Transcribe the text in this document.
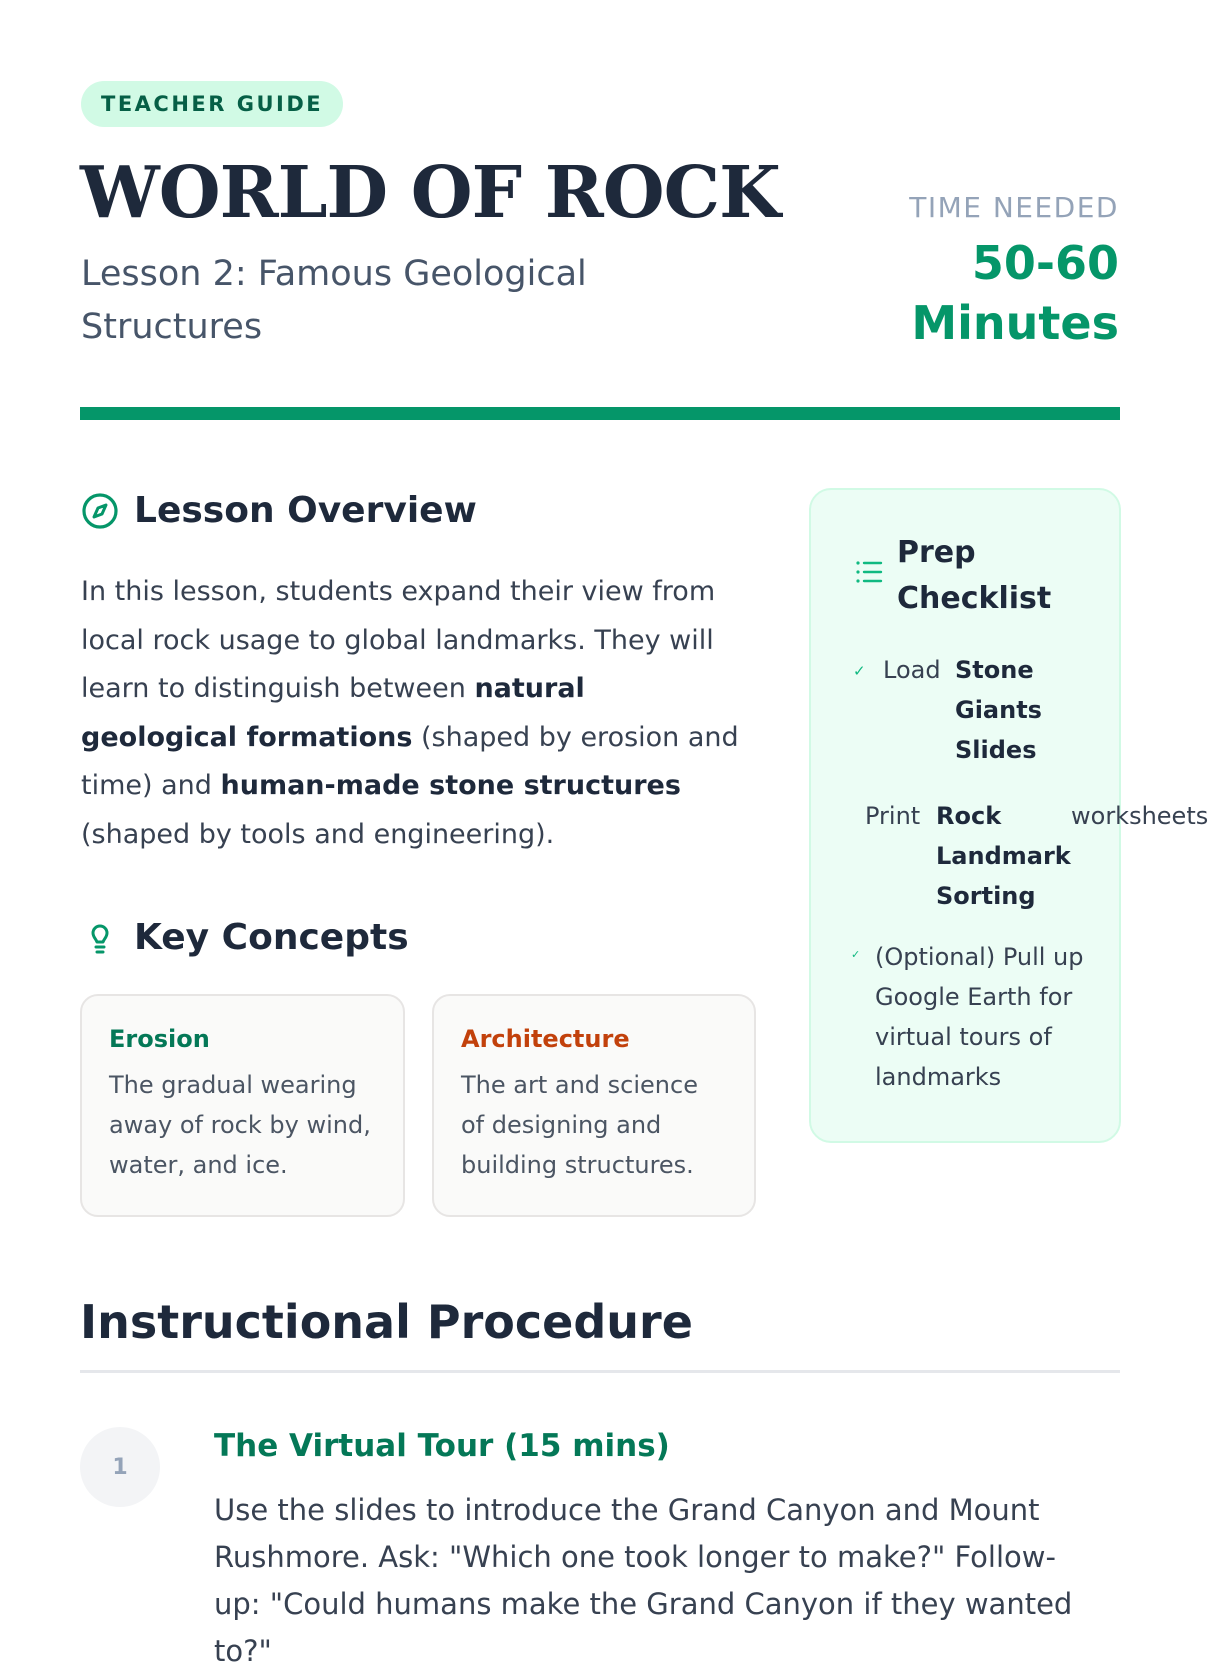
TEACHER GUIDE
WORLD OF ROCK
Lesson 2: Famous Geological Structures
TIME NEEDED
50-60 Minutes
Lesson Overview
In this lesson, students expand their view from local rock usage to global landmarks. They will learn to distinguish between natural geological formations (shaped by erosion and time) and human-made stone structures (shaped by tools and engineering).
Key Concepts
Erosion
The gradual wearing away of rock by wind, water, and ice.
Architecture
The art and science of designing and building structures.
Prep Checklist
✓ Load Stone Giants Slides
Print Rock Landmark Sorting
worksheets
✓ (Optional) Pull up Google Earth for virtual tours of landmarks
Instructional Procedure
1
The Virtual Tour (15 mins)
Use the slides to introduce the Grand Canyon and Mount Rushmore. Ask: "Which one took longer to make?" Follow-up: "Could humans make the Grand Canyon if they wanted to?"
